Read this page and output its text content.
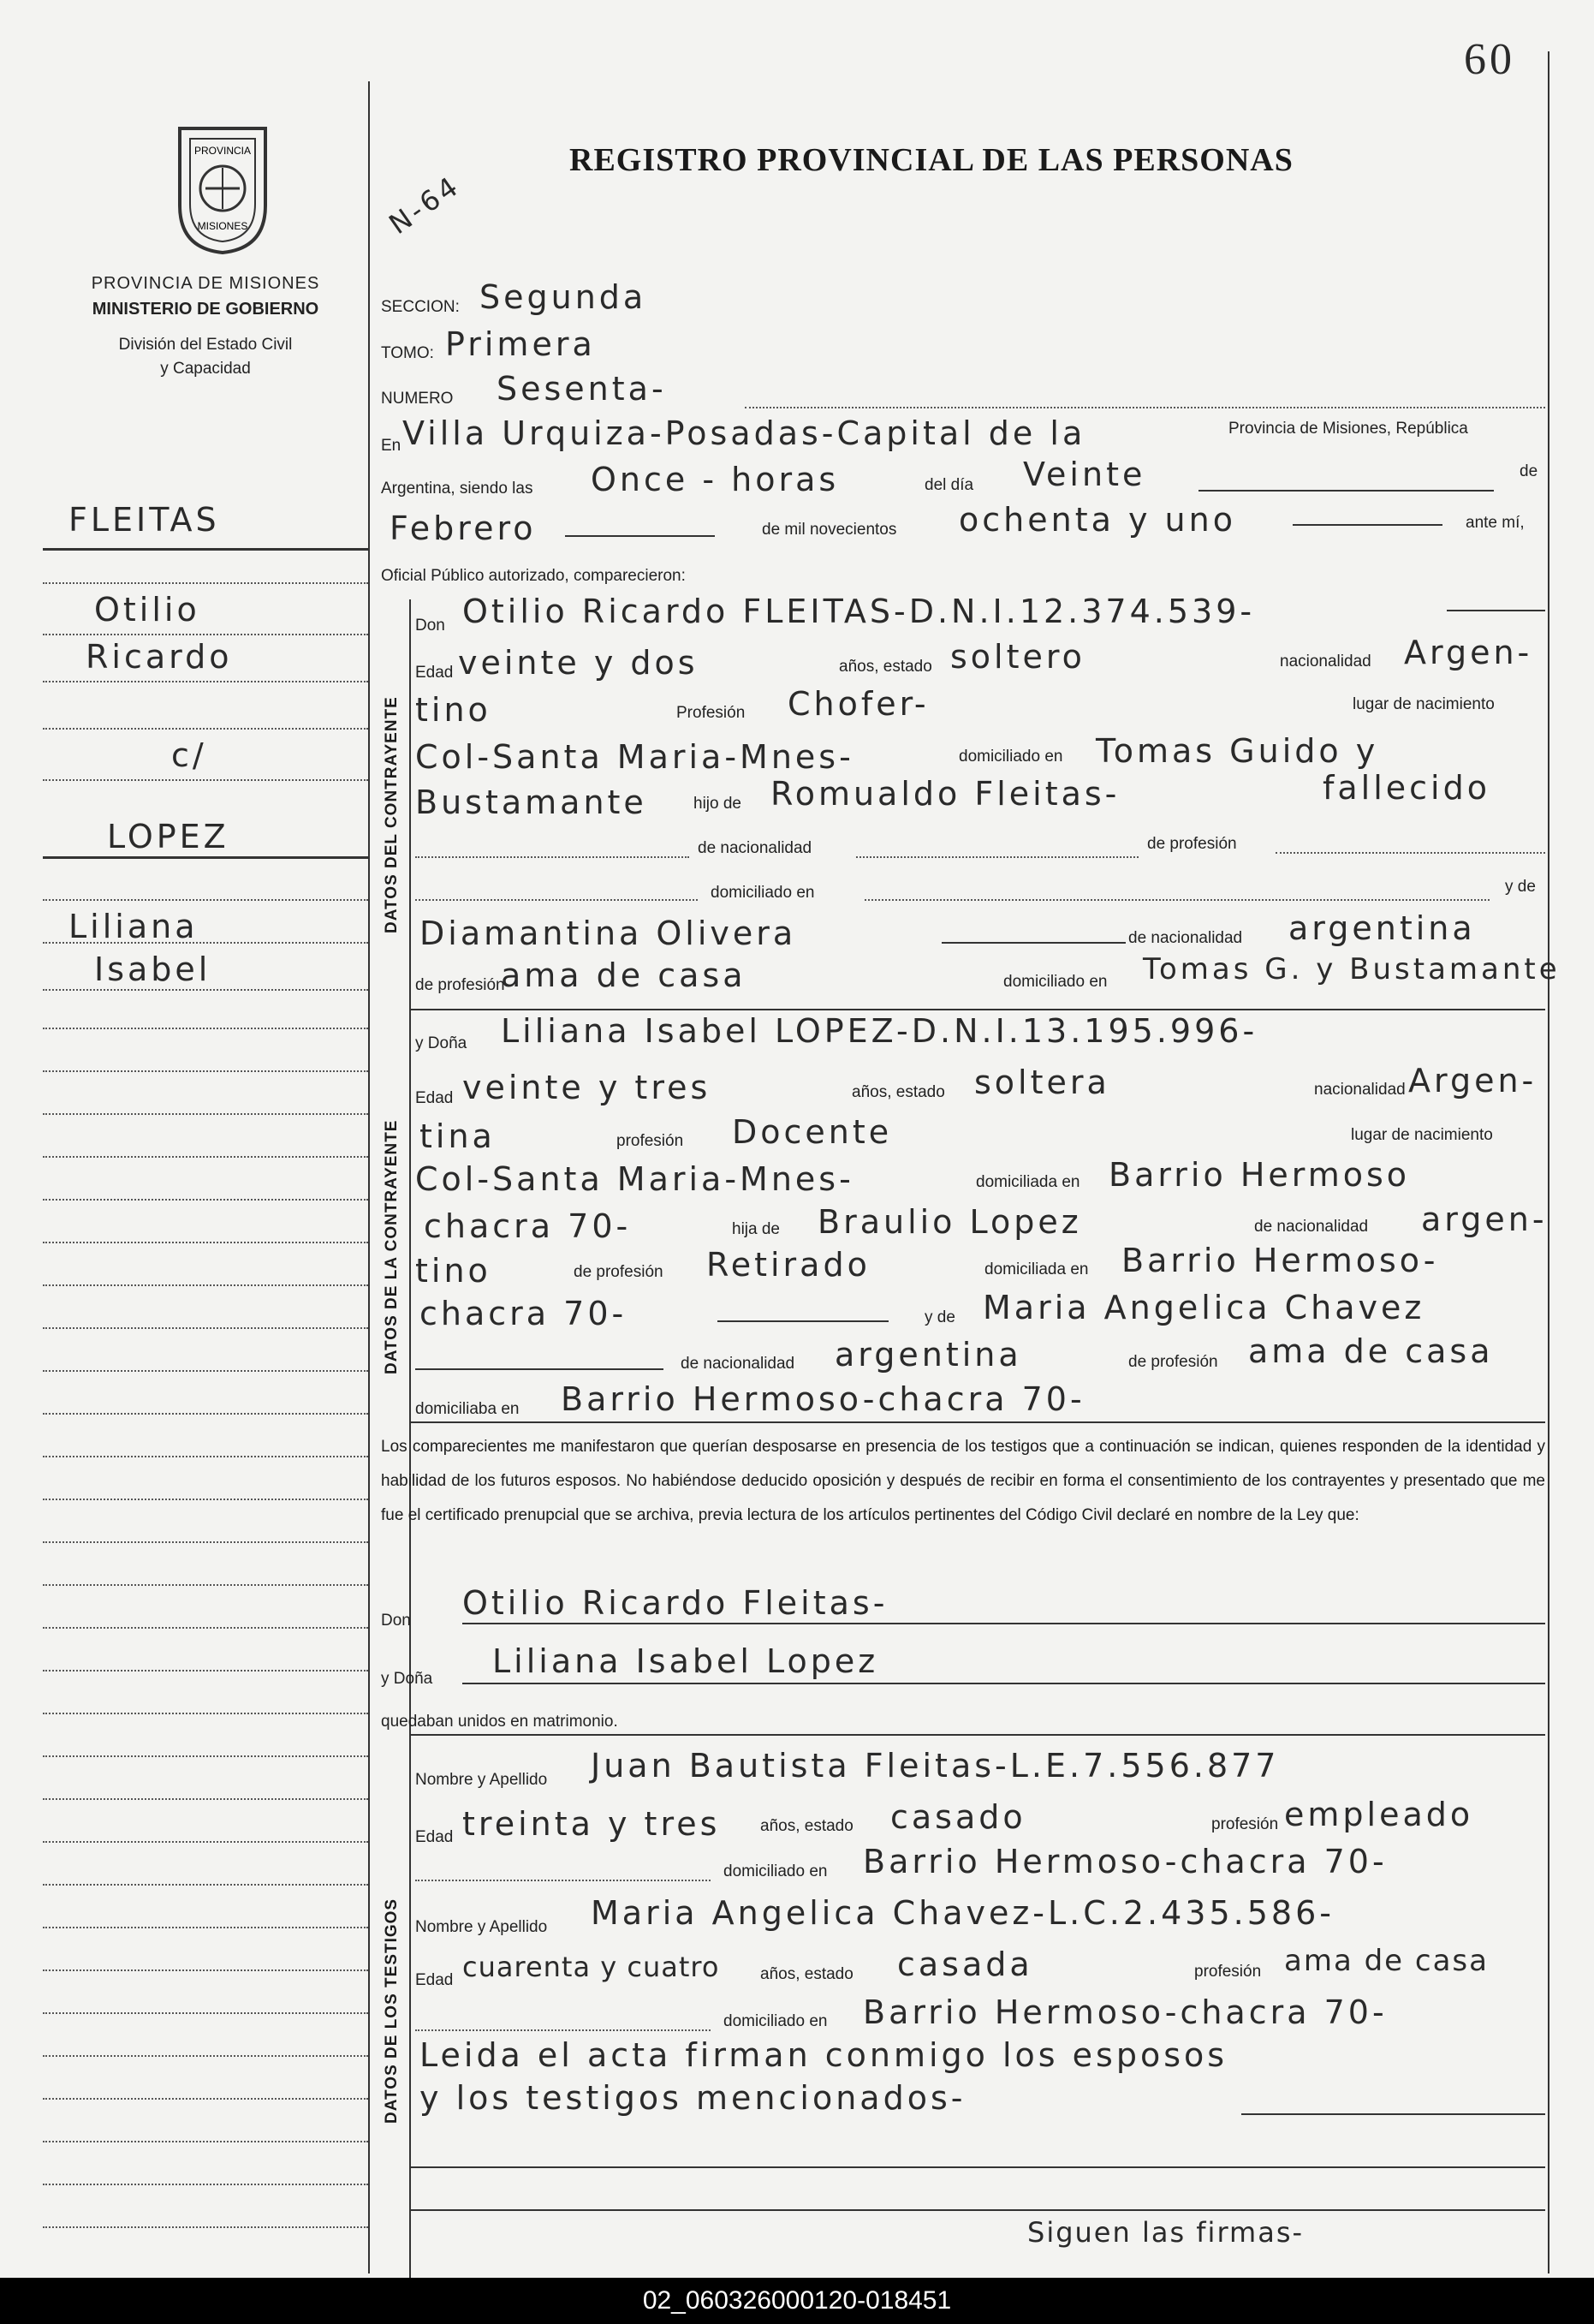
60
N-64
PROVINCIA
MISIONES
PROVINCIA DE MISIONES
MINISTERIO DE GOBIERNO
División del Estado Civil
y Capacidad
REGISTRO PROVINCIAL DE LAS PERSONAS
FLEITAS
Otilio
Ricardo
c/
LOPEZ
Liliana
Isabel
SECCION: Segunda
TOMO: Primera
NUMERO Sesenta-
En Villa Urquiza-Posadas-Capital de la	Provincia de Misiones, República
Argentina, siendo las Once - horas	del día Veinte	de
Febrero	de mil novecientos ochenta y uno	ante mí,
Oficial Público autorizado, comparecieron:
DATOS DEL CONTRAYENTE
Don Otilio Ricardo FLEITAS-D.N.I.12.374.539-
Edad veinte y dos	años, estado soltero	nacionalidad Argen-
tino	Profesión Chofer-	lugar de nacimiento
Col-Santa Maria-Mnes-	domiciliado en Tomas Guido y
Bustamante	hijo de Romualdo Fleitas-	fallecido
de nacionalidad	de profesión
domiciliado en	y de
Diamantina Olivera	de nacionalidad argentina
de profesión
ama de casa	domiciliado en Tomas G. y Bustamante
DATOS DE LA CONTRAYENTE
y Doña Liliana Isabel LOPEZ-D.N.I.13.195.996-
Edad veinte y tres	años, estado soltera	nacionalidad Argen-
tina	profesión Docente	lugar de nacimiento
Col-Santa Maria-Mnes-	domiciliada en Barrio Hermoso
chacra 70-	hija de Braulio Lopez	de nacionalidad argen-
tino	de profesión Retirado	domiciliada en Barrio Hermoso-
chacra 70-	y de Maria Angelica Chavez
de nacionalidad argentina	de profesión ama de casa
domiciliaba en Barrio Hermoso-chacra 70-
Los comparecientes me manifestaron que querían desposarse en presencia de los testigos que a continuación se indican, quienes responden de la identidad y habilidad de los futuros esposos. No habiéndose deducido oposición y después de recibir en forma el consentimiento de los contrayentes y presentado que me fue el certificado prenupcial que se archiva, previa lectura de los artículos pertinentes del Código Civil declaré en nombre de la Ley que:
Don Otilio Ricardo Fleitas-
y Doña Liliana Isabel Lopez
quedaban unidos en matrimonio.
DATOS DE LOS TESTIGOS
Nombre y Apellido Juan Bautista Fleitas-L.E.7.556.877
Edad treinta y tres años, estado casado	profesión empleado
domiciliado en Barrio Hermoso-chacra 70-
Nombre y Apellido Maria Angelica Chavez-L.C.2.435.586-
Edad cuarenta y cuatro	años, estado casada	profesión ama de casa
domiciliado en Barrio Hermoso-chacra 70-
Leida el acta firman conmigo los esposos
y los testigos mencionados-
Siguen las firmas-
02_060326000120-018451
